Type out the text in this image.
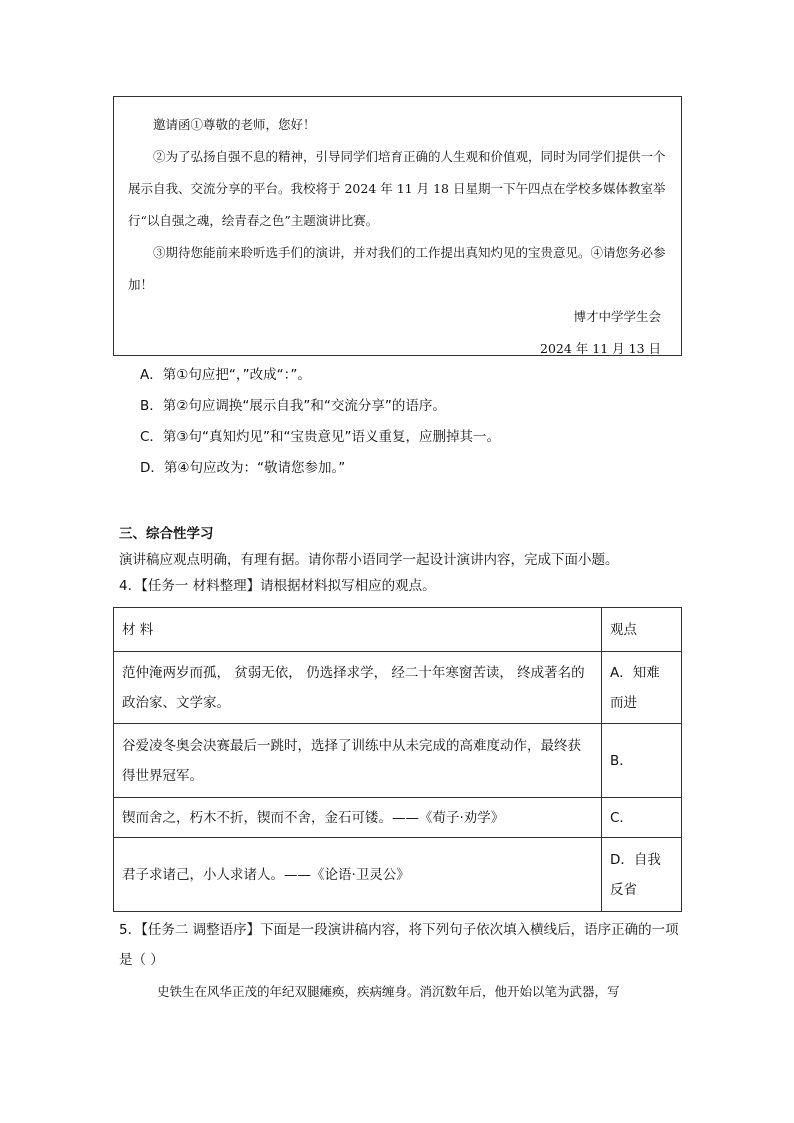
邀请函①尊敬的老师，您好！

②为了弘扬自强不息的精神，引导同学们培育正确的人生观和价值观，同时为同学们提供一个展示自我、交流分享的平台。我校将于 2024 年 11 月 18 日星期一下午四点在学校多媒体教室举行“以自强之魂，绘青春之色”主题演讲比赛。

③期待您能前来聆听选手们的演讲，并对我们的工作提出真知灼见的宝贵意见。④请您务必参加！

博才中学学生会

2024 年 11 月 13 日

A．第①句应把“，”改成“：”。
B．第②句应调换“展示自我”和“交流分享”的语序。
C．第③句“真知灼见”和“宝贵意见”语义重复，应删掉其一。
D．第④句应改为：“敬请您参加。”
三、综合性学习
演讲稿应观点明确，有理有据。请你帮小语同学一起设计演讲内容，完成下面小题。
4．【任务一 材料整理】请根据材料拟写相应的观点。
材 料	观点
范仲淹两岁而孤， 贫弱无依， 仍选择求学， 经二十年寒窗苦读， 终成著名的政治家、文学家。	A．知难而进
谷爱凌冬奥会决赛最后一跳时，选择了训练中从未完成的高难度动作，最终获得世界冠军。	B．
锲而舍之，朽木不折，锲而不舍，金石可镂。——《荀子·劝学》	C．
君子求诸己，小人求诸人。——《论语·卫灵公》	D．自我反省
5．【任务二 调整语序】下面是一段演讲稿内容，将下列句子依次填入横线后，语序正确的一项是（ ）
史铁生在风华正茂的年纪双腿瘫痪，疾病缠身。消沉数年后，他开始以笔为武器，写
